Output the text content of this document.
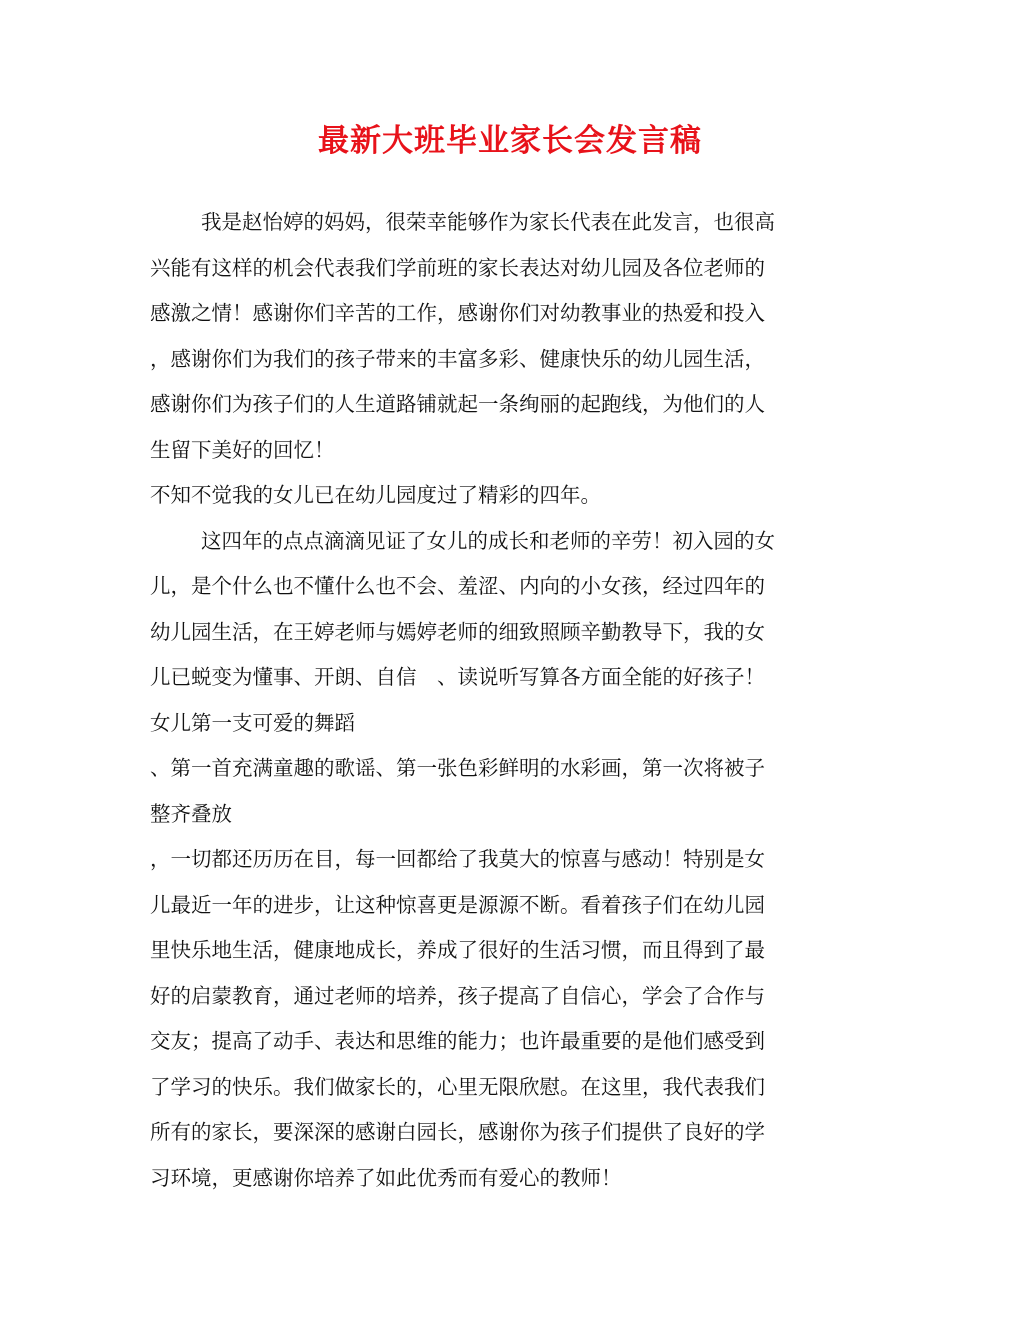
最新大班毕业家长会发言稿
我是赵怡婷的妈妈，很荣幸能够作为家长代表在此发言，也很高
兴能有这样的机会代表我们学前班的家长表达对幼儿园及各位老师的
感激之情！感谢你们辛苦的工作，感谢你们对幼教事业的热爱和投入
，感谢你们为我们的孩子带来的丰富多彩、健康快乐的幼儿园生活，
感谢你们为孩子们的人生道路铺就起一条绚丽的起跑线，为他们的人
生留下美好的回忆！
不知不觉我的女儿已在幼儿园度过了精彩的四年。
这四年的点点滴滴见证了女儿的成长和老师的辛劳！初入园的女
儿，是个什么也不懂什么也不会、羞涩、内向的小女孩，经过四年的
幼儿园生活，在王婷老师与嫣婷老师的细致照顾辛勤教导下，我的女
儿已蜕变为懂事、开朗、自信　、读说听写算各方面全能的好孩子！
女儿第一支可爱的舞蹈
、第一首充满童趣的歌谣、第一张色彩鲜明的水彩画，第一次将被子
整齐叠放
，一切都还历历在目，每一回都给了我莫大的惊喜与感动！特别是女
儿最近一年的进步，让这种惊喜更是源源不断。看着孩子们在幼儿园
里快乐地生活，健康地成长，养成了很好的生活习惯，而且得到了最
好的启蒙教育，通过老师的培养，孩子提高了自信心，学会了合作与
交友；提高了动手、表达和思维的能力；也许最重要的是他们感受到
了学习的快乐。我们做家长的，心里无限欣慰。在这里，我代表我们
所有的家长，要深深的感谢白园长，感谢你为孩子们提供了良好的学
习环境，更感谢你培养了如此优秀而有爱心的教师！
